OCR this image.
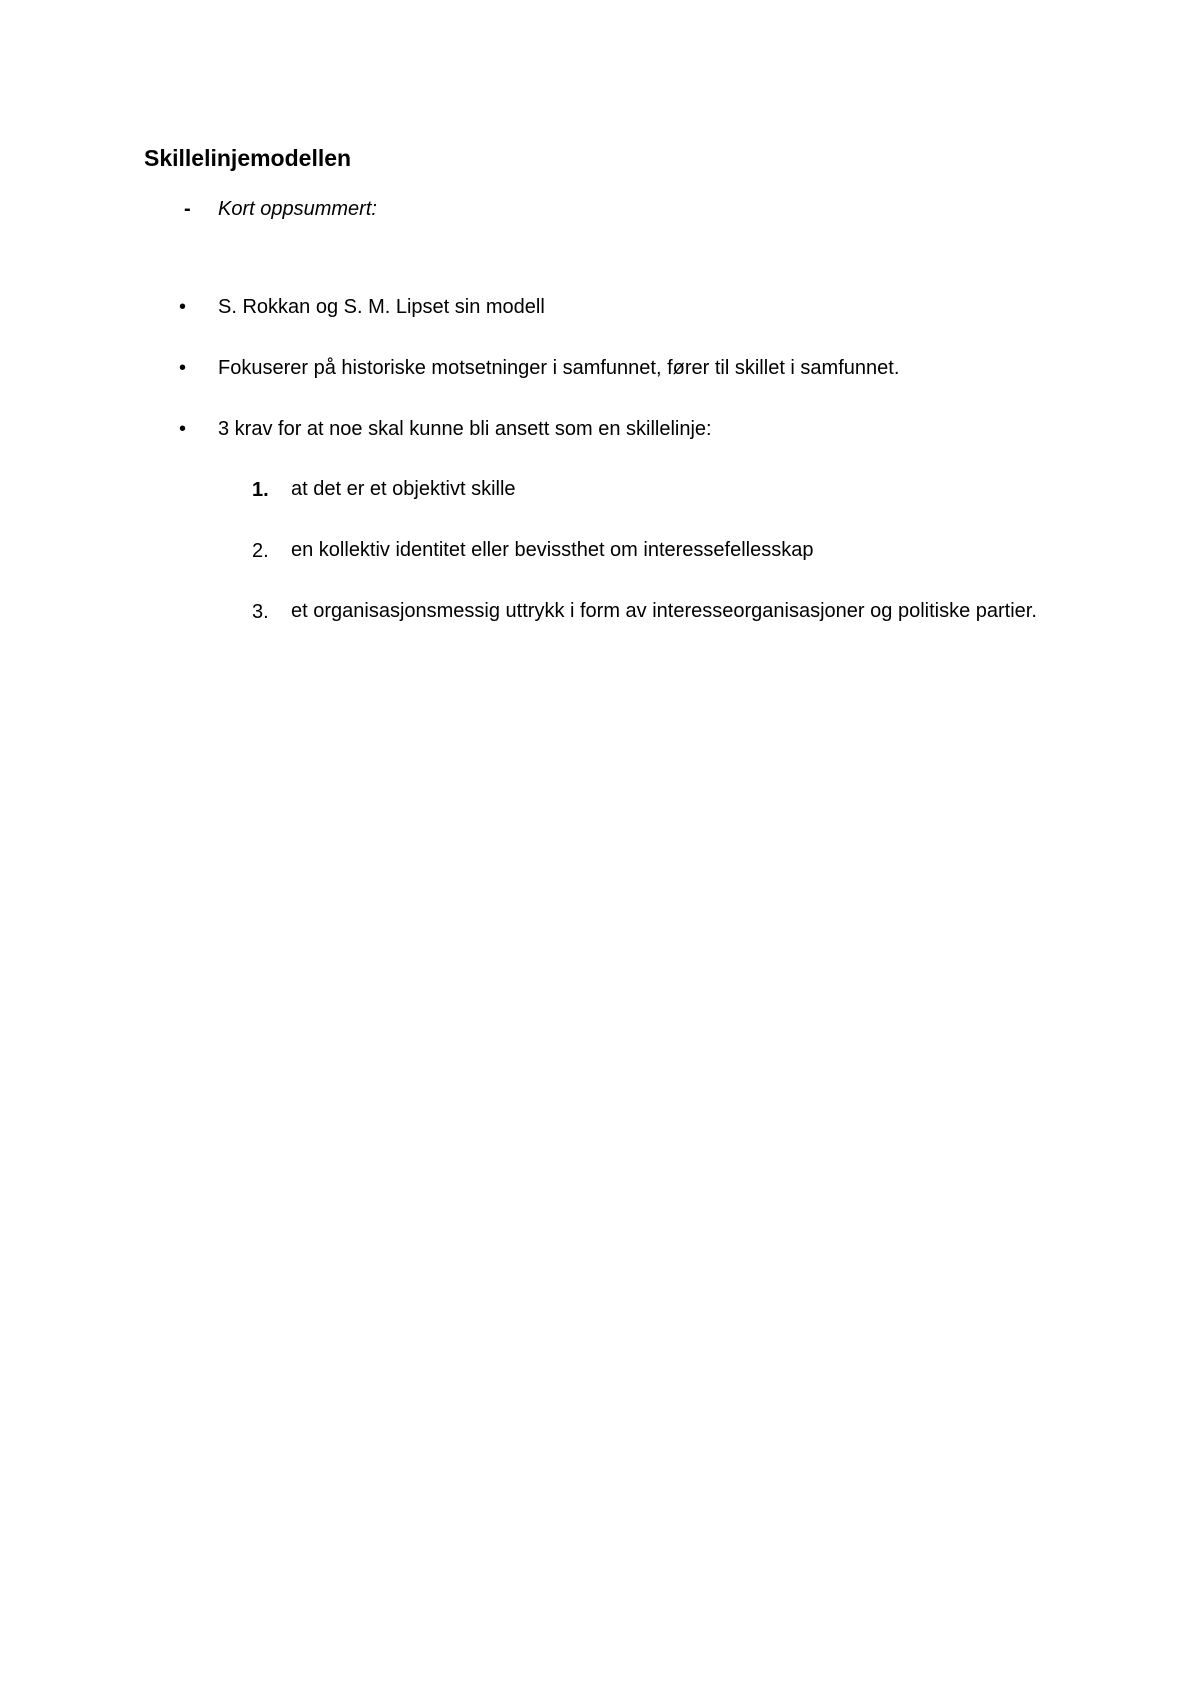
Skillelinjemodellen
- Kort oppsummert:
• S. Rokkan og S. M. Lipset sin modell
• Fokuserer på historiske motsetninger i samfunnet, fører til skillet i samfunnet.
• 3 krav for at noe skal kunne bli ansett som en skillelinje:
1. at det er et objektivt skille
2. en kollektiv identitet eller bevissthet om interessefellesskap
3. et organisasjonsmessig uttrykk i form av interesseorganisasjoner og politiske partier.
